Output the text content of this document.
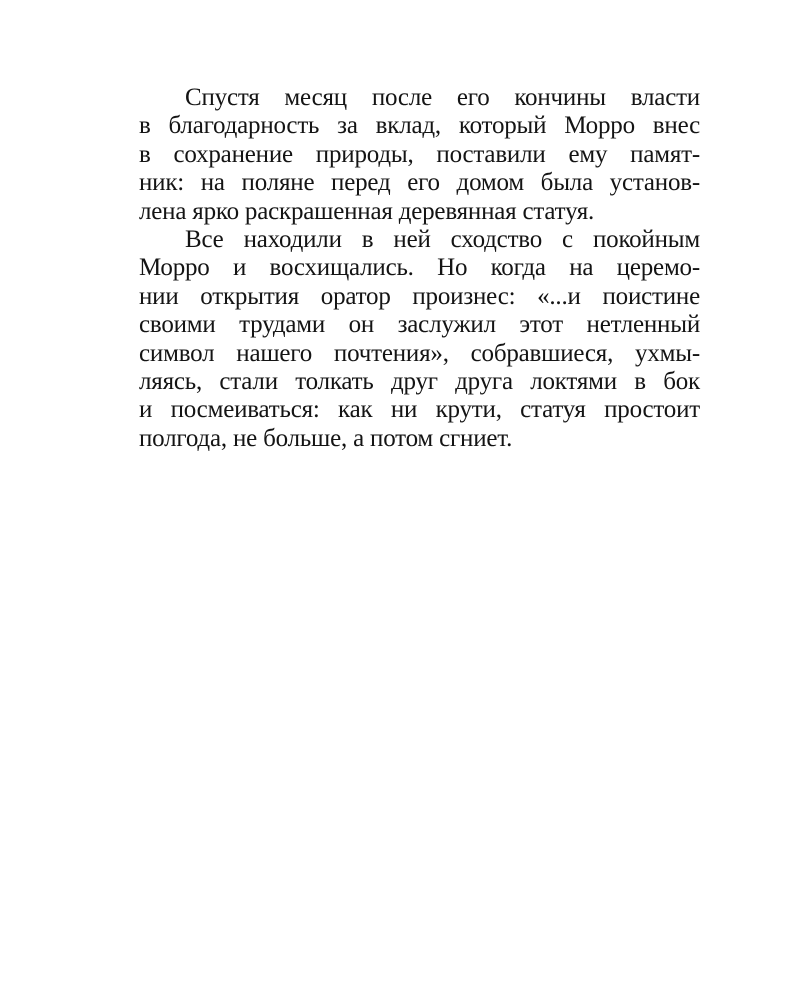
Спустя месяц после его кончины власти
в благодарность за вклад, который Морро внес
в сохранение природы, поставили ему памят-
ник: на поляне перед его домом была установ-
лена ярко раскрашенная деревянная статуя.
Все находили в ней сходство с покойным
Морро и восхищались. Но когда на церемо-
нии открытия оратор произнес: «...и поистине
своими трудами он заслужил этот нетленный
символ нашего почтения», собравшиеся, ухмы-
ляясь, стали толкать друг друга локтями в бок
и посмеиваться: как ни крути, статуя простоит
полгода, не больше, а потом сгниет.
